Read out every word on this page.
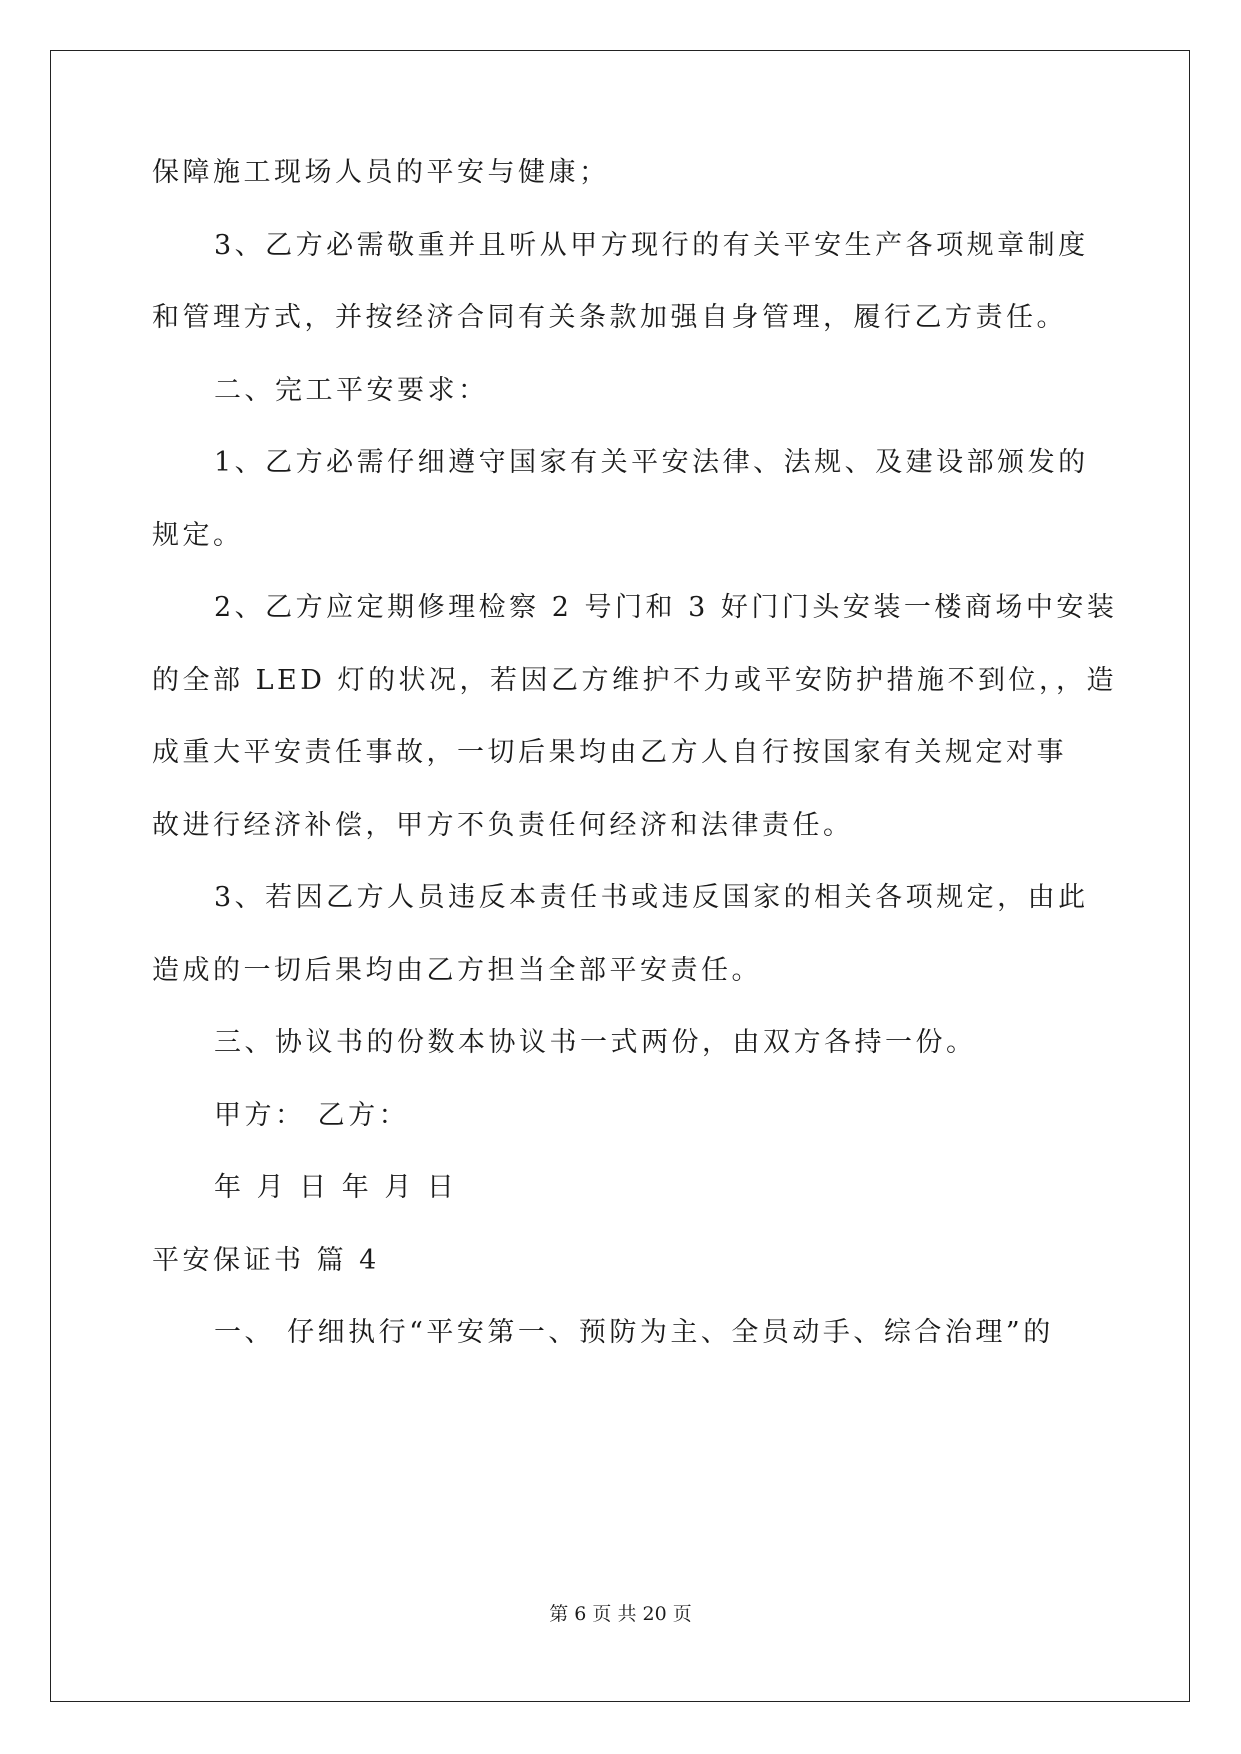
保障施工现场人员的平安与健康；
3、乙方必需敬重并且听从甲方现行的有关平安生产各项规章制度
和管理方式，并按经济合同有关条款加强自身管理，履行乙方责任。
二、完工平安要求：
1、乙方必需仔细遵守国家有关平安法律、法规、及建设部颁发的
规定。
2、乙方应定期修理检察 2 号门和 3 好门门头安装一楼商场中安装
的全部 LED 灯的状况，若因乙方维护不力或平安防护措施不到位，，造
成重大平安责任事故，一切后果均由乙方人自行按国家有关规定对事
故进行经济补偿，甲方不负责任何经济和法律责任。
3、若因乙方人员违反本责任书或违反国家的相关各项规定，由此
造成的一切后果均由乙方担当全部平安责任。
三、协议书的份数本协议书一式两份，由双方各持一份。
甲方： 乙方：
年 月 日 年 月 日
平安保证书 篇 4
一、 仔细执行“平安第一、预防为主、全员动手、综合治理”的
第 6 页 共 20 页
